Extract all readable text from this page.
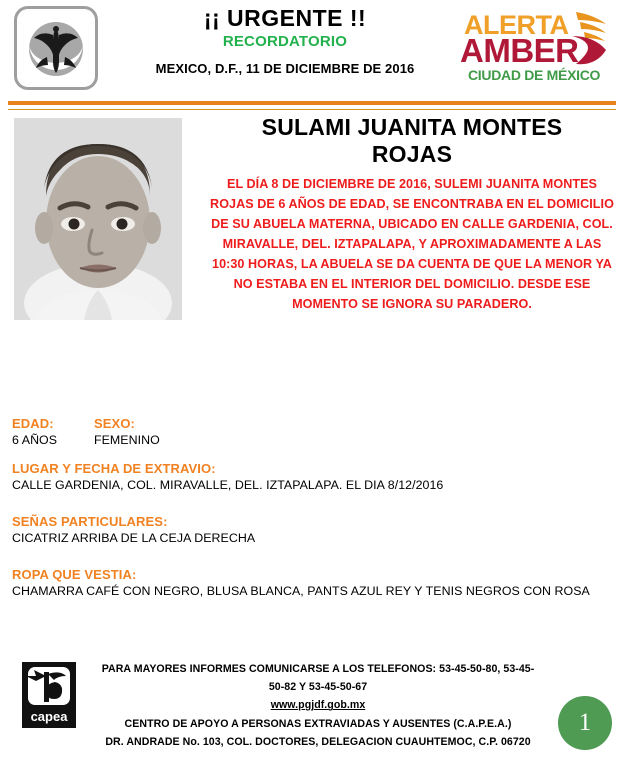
¡¡ URGENTE !!
RECORDATORIO
MEXICO, D.F., 11 DE DICIEMBRE DE 2016
ALERTA
AMBER
CIUDAD DE MÉXICO
SULAMI JUANITA MONTES ROJAS
EL DÍA 8 DE DICIEMBRE DE 2016, SULEMI JUANITA MONTES ROJAS DE 6 AÑOS DE EDAD, SE ENCONTRABA EN EL DOMICILIO DE SU ABUELA MATERNA, UBICADO EN CALLE GARDENIA, COL. MIRAVALLE, DEL. IZTAPALAPA, Y APROXIMADAMENTE A LAS 10:30 HORAS, LA ABUELA SE DA CUENTA DE QUE LA MENOR YA NO ESTABA EN EL INTERIOR DEL DOMICILIO. DESDE ESE MOMENTO SE IGNORA SU PARADERO.
EDAD:
6 AÑOS
SEXO:
FEMENINO
LUGAR Y FECHA DE EXTRAVIO:
CALLE GARDENIA, COL. MIRAVALLE, DEL. IZTAPALAPA. EL DIA 8/12/2016
SEÑAS PARTICULARES:
CICATRIZ ARRIBA DE LA CEJA DERECHA
ROPA QUE VESTIA:
CHAMARRA CAFÉ CON NEGRO, BLUSA BLANCA, PANTS AZUL REY Y TENIS NEGROS CON ROSA
capea
PARA MAYORES INFORMES COMUNICARSE A LOS TELEFONOS: 53-45-50-80, 53-45-50-82 Y 53-45-50-67
www.pgjdf.gob.mx
CENTRO DE APOYO A PERSONAS EXTRAVIADAS Y AUSENTES (C.A.P.E.A.)
DR. ANDRADE No. 103, COL. DOCTORES, DELEGACION CUAUHTEMOC, C.P. 06720
1
